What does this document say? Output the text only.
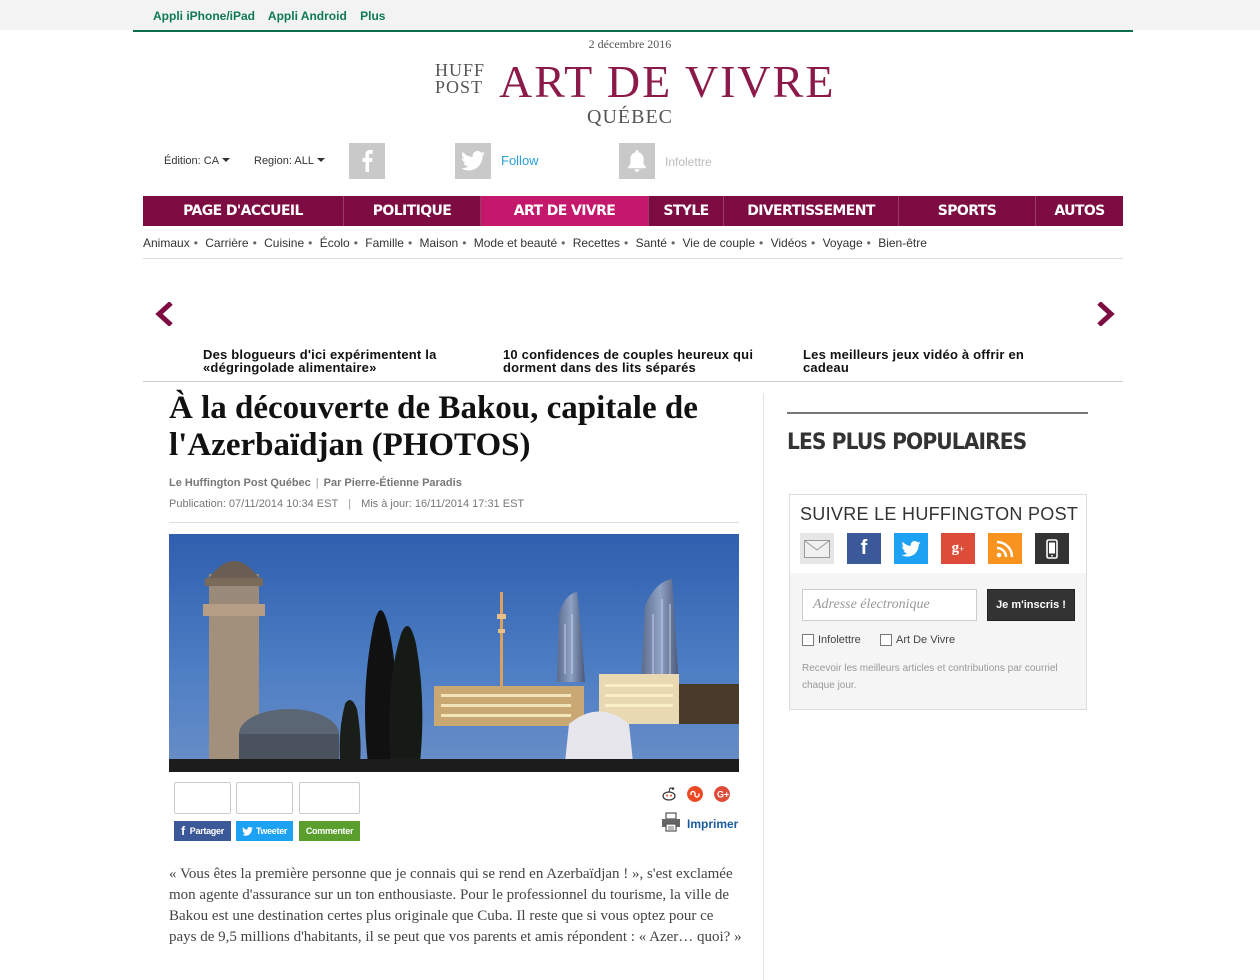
Appli iPhone/iPad Appli Android Plus
2 décembre 2016
HUFF
POST ART DE VIVRE
QUÉBEC
Édition: CA	Region: ALL	Follow	Infolettre
PAGE D'ACCUEIL	POLITIQUE	ART DE VIVRE	STYLE	DIVERTISSEMENT	SPORTS	AUTOS
Animaux • Carrière • Cuisine • Écolo • Famille • Maison • Mode et beauté • Recettes • Santé • Vie de couple • Vidéos • Voyage • Bien-être
Des blogueurs d'ici expérimentent la «dégringolade alimentaire»
10 confidences de couples heureux qui dorment dans des lits séparés
Les meilleurs jeux vidéo à offrir en cadeau
À la découverte de Bakou, capitale de l'Azerbaïdjan (PHOTOS)
Le Huffington Post Québec | Par Pierre-Étienne Paradis
Publication: 07/11/2014 10:34 EST | Mis à jour: 16/11/2014 17:31 EST
f Partager	Tweeter	Commenter
G+
Imprimer

« Vous êtes la première personne que je connais qui se rend en Azerbaïdjan ! », s'est exclamée mon agente d'assurance sur un ton enthousiaste. Pour le professionnel du tourisme, la ville de Bakou est une destination certes plus originale que Cuba. Il reste que si vous optez pour ce pays de 9,5 millions d'habitants, il se peut que vos parents et amis répondent : « Azer… quoi? »

LES PLUS POPULAIRES
SUIVRE LE HUFFINGTON POST
f	g +
Adresse électronique	Je m'inscris !
Infolettre	Art De Vivre
Recevoir les meilleurs articles et contributions par courriel chaque jour.
